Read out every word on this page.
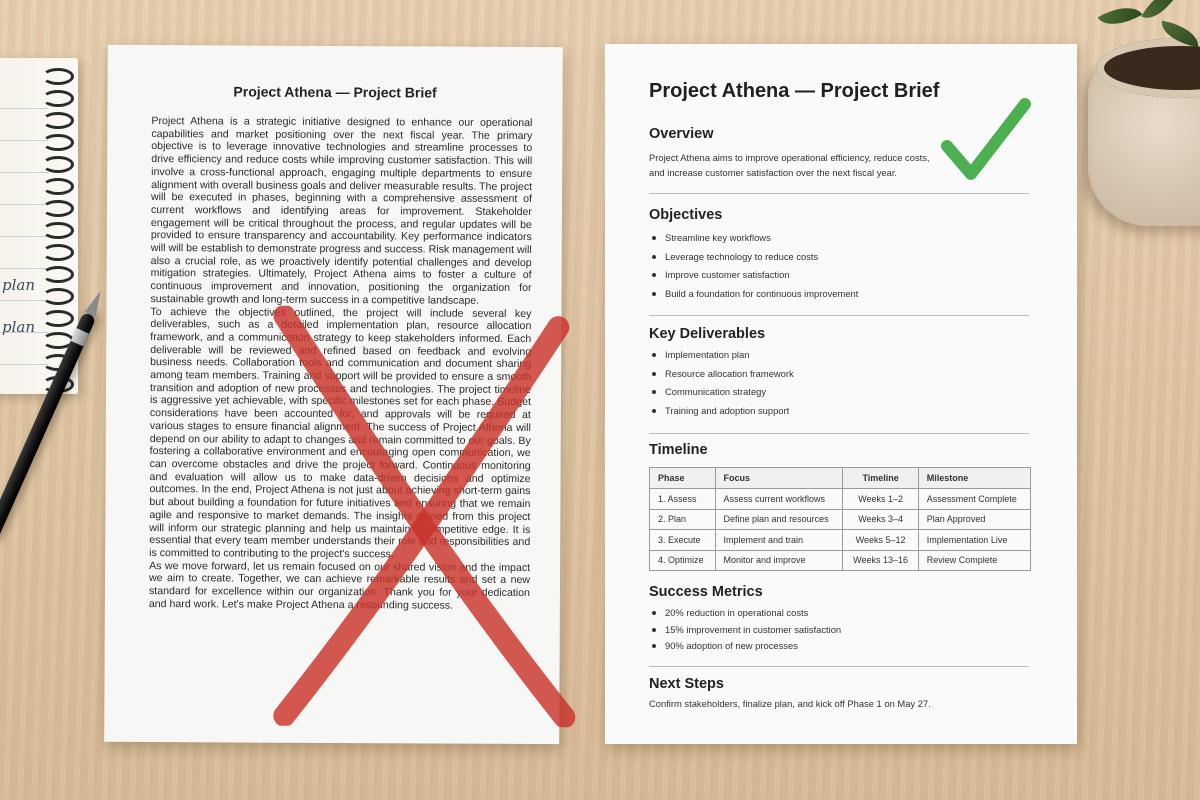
plan
plan
Project Athena — Project Brief

Project Athena is a strategic initiative designed to enhance our operational capabilities and market positioning over the next fiscal year. The primary objective is to leverage innovative technologies and streamline processes to drive efficiency and reduce costs while improving customer satisfaction. This will involve a cross-functional approach, engaging multiple departments to ensure alignment with overall business goals and deliver measurable results. The project will be executed in phases, beginning with a comprehensive assessment of current workflows and identifying areas for improvement. Stakeholder engagement will be critical throughout the process, and regular updates will be provided to ensure transparency and accountability. Key performance indicators will will be establish to demonstrate progress and success. Risk management will also a crucial role, as we proactively identify potential challenges and develop mitigation strategies. Ultimately, Project Athena aims to foster a culture of continuous improvement and innovation, positioning the organization for sustainable growth and long-term success in a competitive landscape.

To achieve the objectives outlined, the project will include several key deliverables, such as a detailed implementation plan, resource allocation framework, and a communication strategy to keep stakeholders informed. Each deliverable will be reviewed and refined based on feedback and evolving business needs. Collaboration tools and communication and document sharing among team members. Training and support will be provided to ensure a smooth transition and adoption of new processes and technologies. The project timeline is aggressive yet achievable, with specific milestones set for each phase. Budget considerations have been accounted for, and approvals will be required at various stages to ensure financial alignment. The success of Project Athena will depend on our ability to adapt to changes and remain committed to our goals. By fostering a collaborative environment and encouraging open communication, we can overcome obstacles and drive the project forward. Continuous monitoring and evaluation will allow us to make data-driven decisions and optimize outcomes. In the end, Project Athena is not just about achieving short-term gains but about building a foundation for future initiatives and ensuring that we remain agile and responsive to market demands. The insights gained from this project will inform our strategic planning and help us maintain a competitive edge. It is essential that every team member understands their role and responsibilities and is committed to contributing to the project's success.

As we move forward, let us remain focused on our shared vision and the impact we aim to create. Together, we can achieve remarkable results and set a new standard for excellence within our organization. Thank you for your dedication and hard work. Let's make Project Athena a resounding success.

Project Athena — Project Brief
Overview
Project Athena aims to improve operational efficiency, reduce costs,
and increase customer satisfaction over the next fiscal year.
Objectives
Streamline key workflows
Leverage technology to reduce costs
Improve customer satisfaction
Build a foundation for continuous improvement
Key Deliverables
Implementation plan
Resource allocation framework
Communication strategy
Training and adoption support
Timeline
Phase	Focus	Timeline	Milestone
1. Assess	Assess current workflows	Weeks 1–2	Assessment Complete
2. Plan	Define plan and resources	Weeks 3–4	Plan Approved
3. Execute	Implement and train	Weeks 5–12	Implementation Live
4. Optimize	Monitor and improve	Weeks 13–16	Review Complete
Success Metrics
20% reduction in operational costs
15% improvement in customer satisfaction
90% adoption of new processes
Next Steps
Confirm stakeholders, finalize plan, and kick off Phase 1 on May 27.
